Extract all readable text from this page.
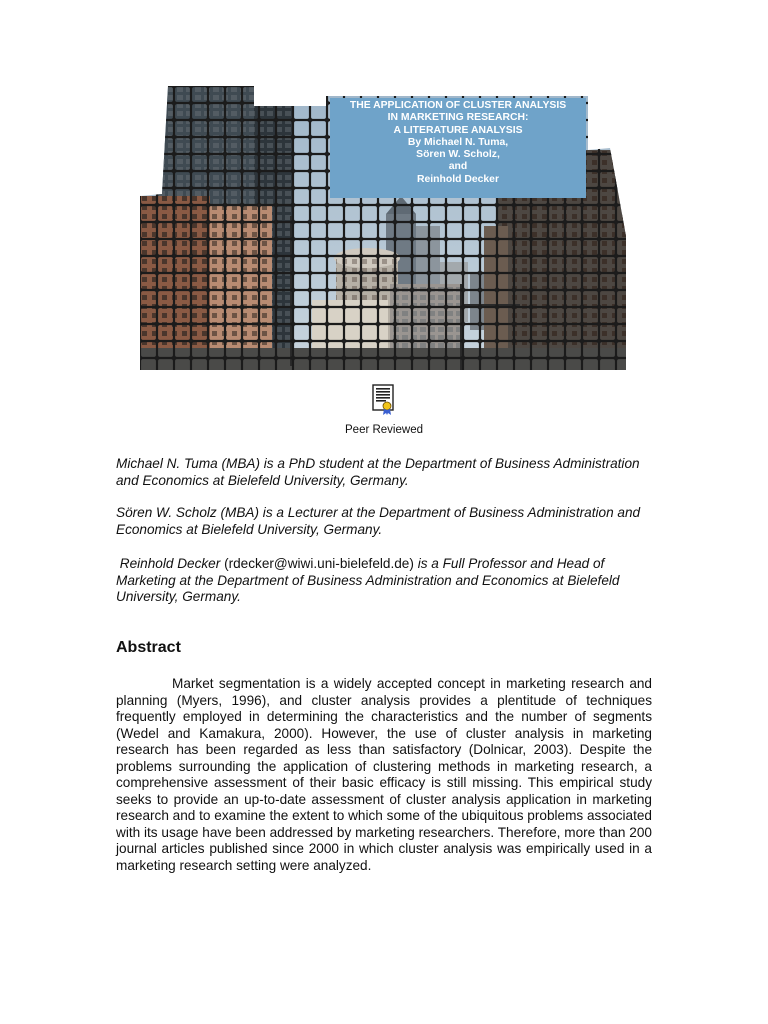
THE APPLICATION OF CLUSTER ANALYSIS
IN MARKETING RESEARCH:
A LITERATURE ANALYSIS
By Michael N. Tuma,
Sören W. Scholz,
and
Reinhold Decker
Peer Reviewed
Michael N. Tuma (MBA) is a PhD student at the Department of Business Administration and Economics at Bielefeld University, Germany.
Sören W. Scholz (MBA) is a Lecturer at the Department of Business Administration and Economics at Bielefeld University, Germany.
Reinhold Decker (rdecker@wiwi.uni-bielefeld.de) is a Full Professor and Head of Marketing at the Department of Business Administration and Economics at Bielefeld University, Germany.
Abstract

Market segmentation is a widely accepted concept in marketing research and planning (Myers, 1996), and cluster analysis provides a plentitude of techniques frequently employed in determining the characteristics and the number of segments (Wedel and Kamakura, 2000). However, the use of cluster analysis in marketing research has been regarded as less than satisfactory (Dolnicar, 2003). Despite the problems surrounding the application of clustering methods in marketing research, a comprehensive assessment of their basic efficacy is still missing. This empirical study seeks to provide an up-to-date assessment of cluster analysis application in marketing research and to examine the extent to which some of the ubiquitous problems associated with its usage have been addressed by marketing researchers. Therefore, more than 200 journal articles published since 2000 in which cluster analysis was empirically used in a marketing research setting were analyzed.
